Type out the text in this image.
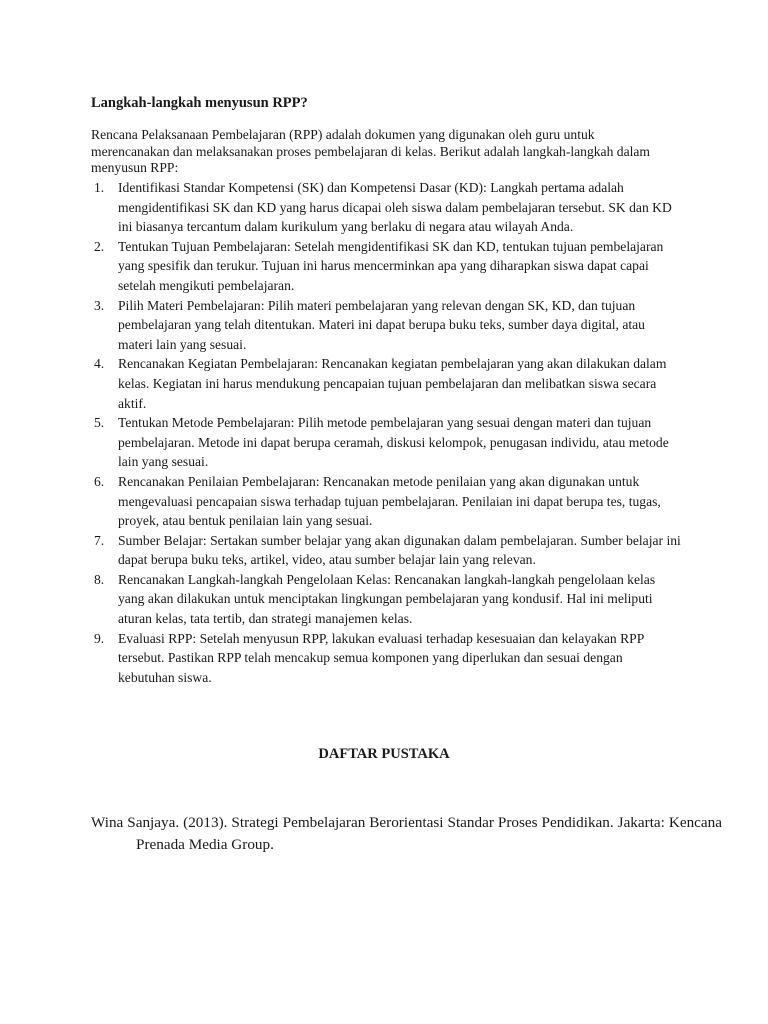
Langkah-langkah menyusun RPP?

Rencana Pelaksanaan Pembelajaran (RPP) adalah dokumen yang digunakan oleh guru untuk merencanakan dan melaksanakan proses pembelajaran di kelas. Berikut adalah langkah-langkah dalam menyusun RPP:

1. Identifikasi Standar Kompetensi (SK) dan Kompetensi Dasar (KD): Langkah pertama adalah mengidentifikasi SK dan KD yang harus dicapai oleh siswa dalam pembelajaran tersebut. SK dan KD ini biasanya tercantum dalam kurikulum yang berlaku di negara atau wilayah Anda.
2. Tentukan Tujuan Pembelajaran: Setelah mengidentifikasi SK dan KD, tentukan tujuan pembelajaran yang spesifik dan terukur. Tujuan ini harus mencerminkan apa yang diharapkan siswa dapat capai setelah mengikuti pembelajaran.
3. Pilih Materi Pembelajaran: Pilih materi pembelajaran yang relevan dengan SK, KD, dan tujuan pembelajaran yang telah ditentukan. Materi ini dapat berupa buku teks, sumber daya digital, atau materi lain yang sesuai.
4. Rencanakan Kegiatan Pembelajaran: Rencanakan kegiatan pembelajaran yang akan dilakukan dalam kelas. Kegiatan ini harus mendukung pencapaian tujuan pembelajaran dan melibatkan siswa secara aktif.
5. Tentukan Metode Pembelajaran: Pilih metode pembelajaran yang sesuai dengan materi dan tujuan pembelajaran. Metode ini dapat berupa ceramah, diskusi kelompok, penugasan individu, atau metode lain yang sesuai.
6. Rencanakan Penilaian Pembelajaran: Rencanakan metode penilaian yang akan digunakan untuk mengevaluasi pencapaian siswa terhadap tujuan pembelajaran. Penilaian ini dapat berupa tes, tugas, proyek, atau bentuk penilaian lain yang sesuai.
7. Sumber Belajar: Sertakan sumber belajar yang akan digunakan dalam pembelajaran. Sumber belajar ini dapat berupa buku teks, artikel, video, atau sumber belajar lain yang relevan.
8. Rencanakan Langkah-langkah Pengelolaan Kelas: Rencanakan langkah-langkah pengelolaan kelas yang akan dilakukan untuk menciptakan lingkungan pembelajaran yang kondusif. Hal ini meliputi aturan kelas, tata tertib, dan strategi manajemen kelas.
9. Evaluasi RPP: Setelah menyusun RPP, lakukan evaluasi terhadap kesesuaian dan kelayakan RPP tersebut. Pastikan RPP telah mencakup semua komponen yang diperlukan dan sesuai dengan kebutuhan siswa.
DAFTAR PUSTAKA

Wina Sanjaya. (2013). Strategi Pembelajaran Berorientasi Standar Proses Pendidikan. Jakarta: Kencana Prenada Media Group.
